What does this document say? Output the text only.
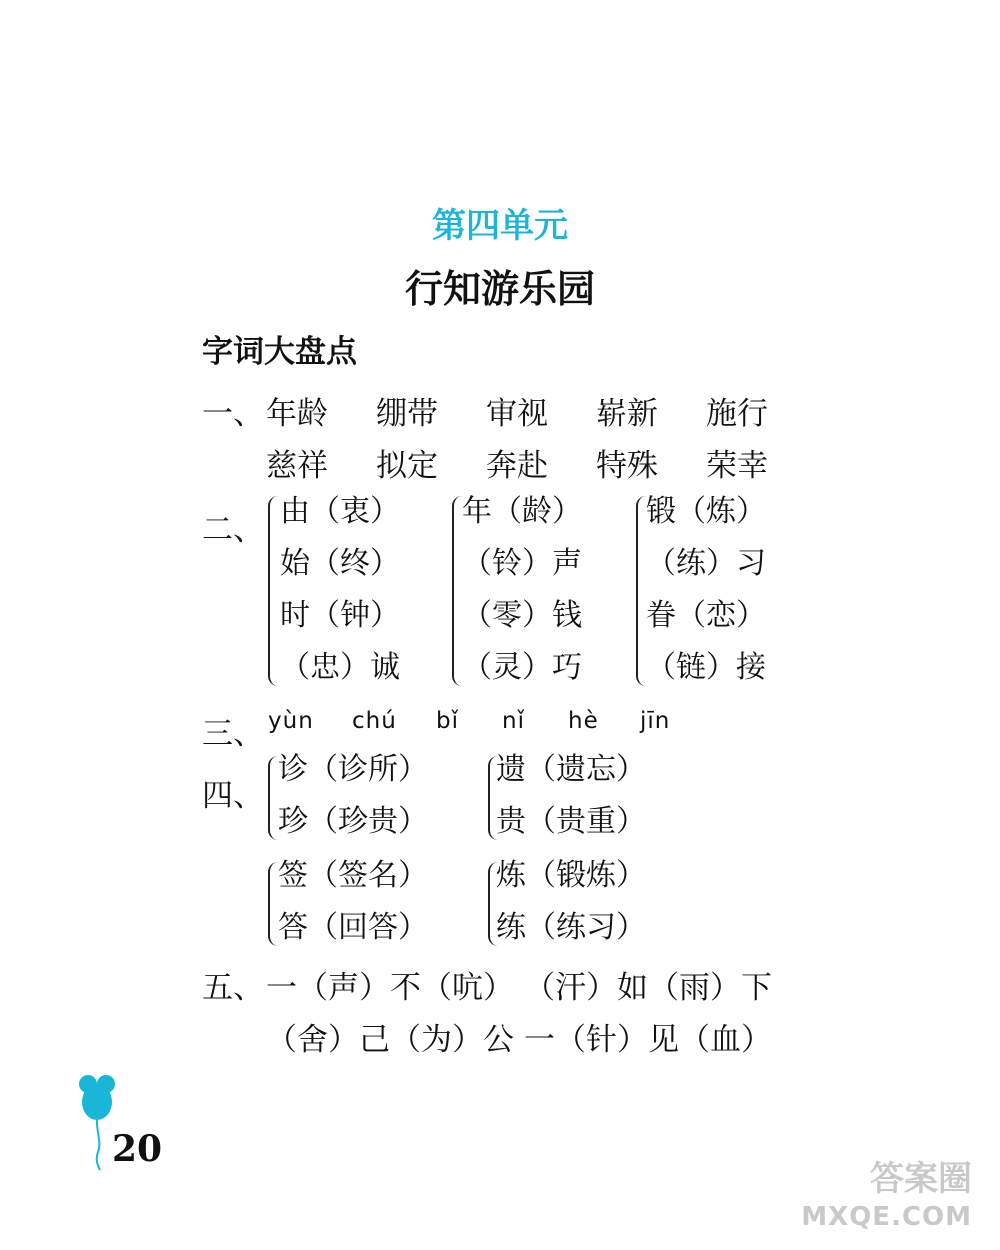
第四单元
行知游乐园
字词大盘点
一、 年龄 绷带 审视 崭新 施行
慈祥 拟定 奔赴 特殊 荣幸
二、
由（衷）
始（终）
时（钟）
（忠）诚
年（龄）
（铃）声
（零）钱
（灵）巧
锻（炼）
（练）习
眷（恋）
（链）接
三、 yùn chú bǐ nǐ hè jīn
四、
诊（诊所）
珍（珍贵）
遗（遗忘）
贵（贵重）
签（签名）
答（回答）
炼（锻炼）
练（练习）
五、 一（声）不（吭） （汗）如（雨）下
（舍）己（为）公 一（针）见（血）
20
答案圈
MXQE.COM
